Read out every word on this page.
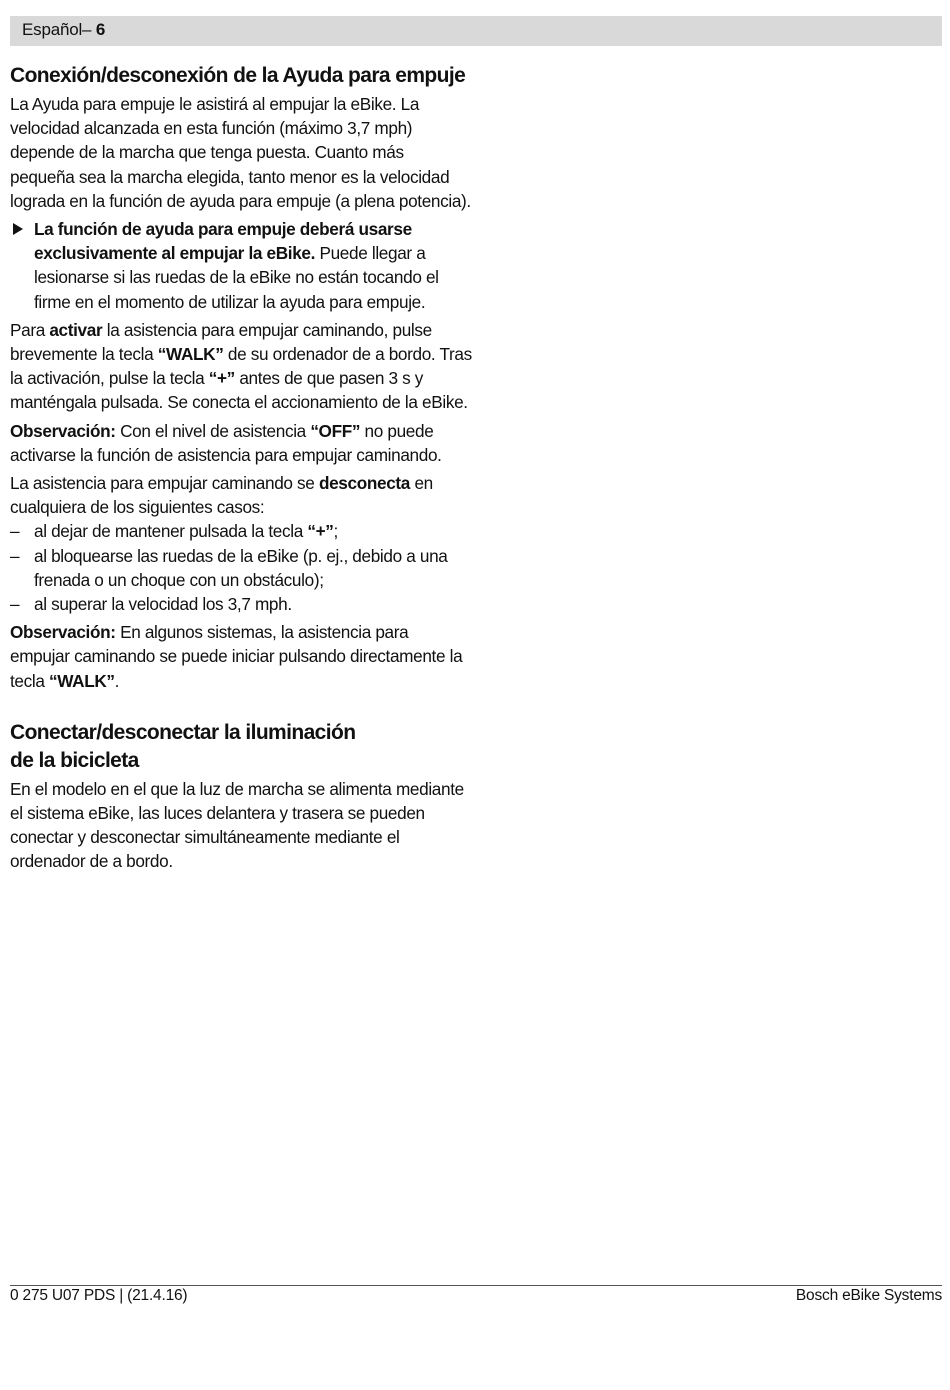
Español– 6
Conexión/desconexión de la Ayuda para empuje

La Ayuda para empuje le asistirá al empujar la eBike. La velocidad alcanzada en esta función (máximo 3,7 mph) depende de la marcha que tenga puesta. Cuanto más pequeña sea la marcha elegida, tanto menor es la velocidad lograda en la función de ayuda para empuje (a plena potencia).

La función de ayuda para empuje deberá usarse exclusivamente al empujar la eBike. Puede llegar a lesionarse si las ruedas de la eBike no están tocando el firme en el momento de utilizar la ayuda para empuje.

Para activar la asistencia para empujar caminando, pulse brevemente la tecla “WALK” de su ordenador de a bordo. Tras la activación, pulse la tecla “+” antes de que pasen 3 s y manténgala pulsada. Se conecta el accionamiento de la eBike.

Observación: Con el nivel de asistencia “OFF” no puede activarse la función de asistencia para empujar caminando.

La asistencia para empujar caminando se desconecta en cualquiera de los siguientes casos:

– al dejar de mantener pulsada la tecla “+”;
– al bloquearse las ruedas de la eBike (p. ej., debido a una frenada o un choque con un obstáculo);
– al superar la velocidad los 3,7 mph.

Observación: En algunos sistemas, la asistencia para empujar caminando se puede iniciar pulsando directamente la tecla “WALK”.

Conectar/desconectar la iluminación
de la bicicleta

En el modelo en el que la luz de marcha se alimenta mediante el sistema eBike, las luces delantera y trasera se pueden conectar y desconectar simultáneamente mediante el ordenador de a bordo.

0 275 U07 PDS | (21.4.16)	Bosch eBike Systems
